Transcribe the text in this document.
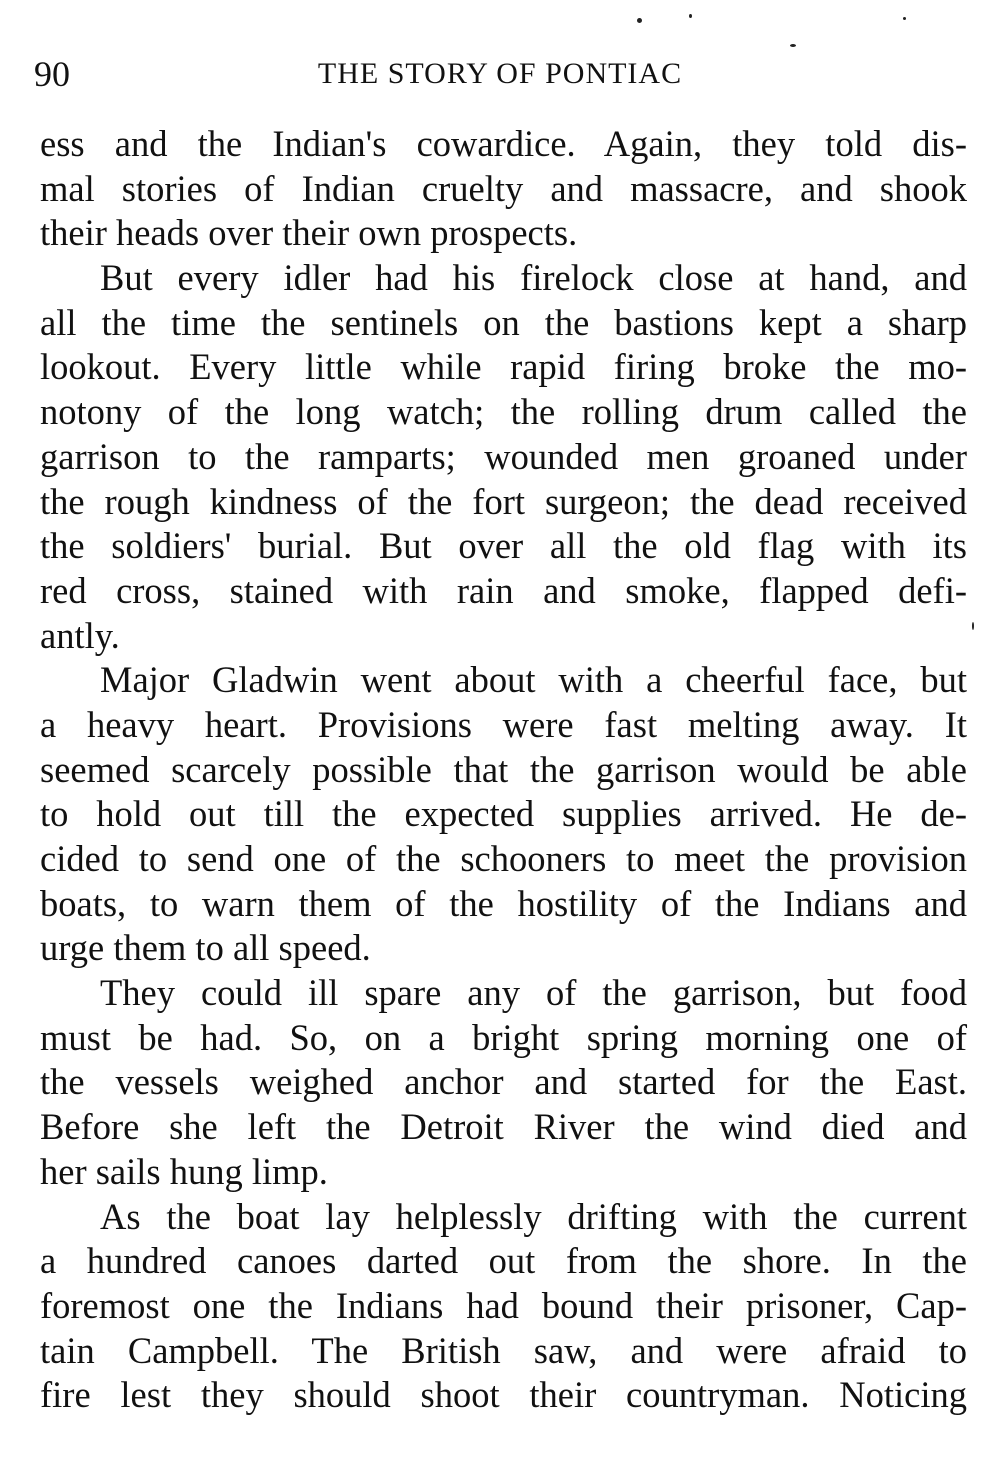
90	THE STORY OF PONTIAC
ess and the Indian's cowardice. Again, they told dis-
mal stories of Indian cruelty and massacre, and shook
their heads over their own prospects.
But every idler had his firelock close at hand, and
all the time the sentinels on the bastions kept a sharp
lookout. Every little while rapid firing broke the mo-
notony of the long watch; the rolling drum called the
garrison to the ramparts; wounded men groaned under
the rough kindness of the fort surgeon; the dead received
the soldiers' burial. But over all the old flag with its
red cross, stained with rain and smoke, flapped defi-
antly.
Major Gladwin went about with a cheerful face, but
a heavy heart. Provisions were fast melting away. It
seemed scarcely possible that the garrison would be able
to hold out till the expected supplies arrived. He de-
cided to send one of the schooners to meet the provision
boats, to warn them of the hostility of the Indians and
urge them to all speed.
They could ill spare any of the garrison, but food
must be had. So, on a bright spring morning one of
the vessels weighed anchor and started for the East.
Before she left the Detroit River the wind died and
her sails hung limp.
As the boat lay helplessly drifting with the current
a hundred canoes darted out from the shore. In the
foremost one the Indians had bound their prisoner, Cap-
tain Campbell. The British saw, and were afraid to
fire lest they should shoot their countryman. Noticing
